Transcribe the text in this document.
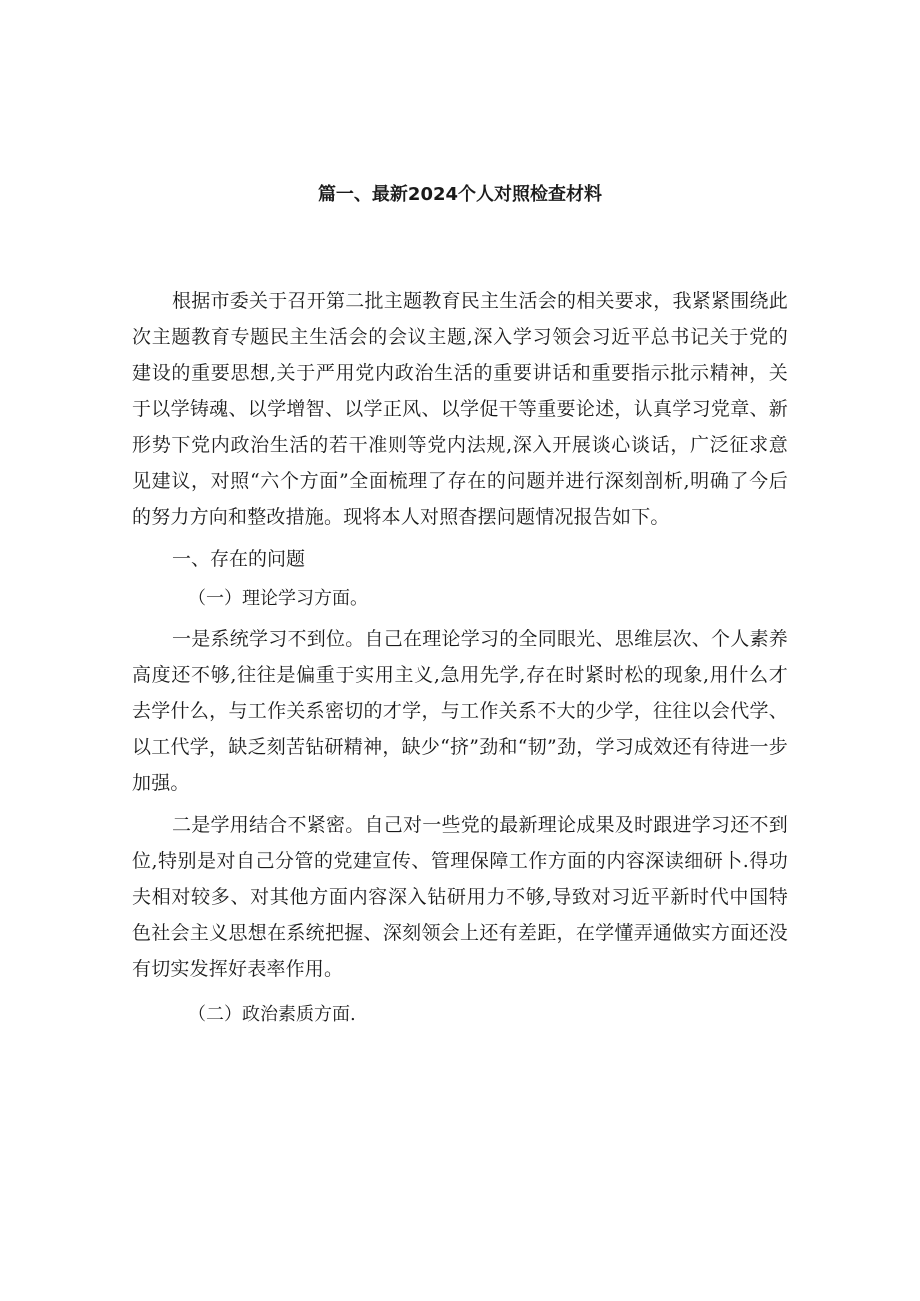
篇一、最新2024个人对照检查材料

根据市委关于召开第二批主题教育民主生活会的相关要求，我紧紧围绕此次主题教育专题民主生活会的会议主题,深入学习领会习近平总书记关于党的建设的重要思想,关于严用党内政治生活的重要讲话和重要指示批示精神，关于以学铸魂、以学增智、以学正风、以学促干等重要论述，认真学习党章、新形势下党内政治生活的若干准则等党内法规,深入开展谈心谈话，广泛征求意见建议，对照“六个方面”全面梳理了存在的问题并进行深刻剖析,明确了今后的努力方向和整改措施。现将本人对照杳摆问题情况报告如下。

一、存在的问题

（一）理论学习方面。

一是系统学习不到位。自己在理论学习的全同眼光、思维层次、个人素养高度还不够,往往是偏重于实用主义,急用先学,存在时紧时松的现象,用什么才去学什么，与工作关系密切的才学，与工作关系不大的少学，往往以会代学、以工代学，缺乏刻苦钻研精神，缺少“挤”劲和“韧”劲，学习成效还有待进一步加强。

二是学用结合不紧密。自己对一些党的最新理论成果及时跟进学习还不到位,特别是对自己分管的党建宣传、管理保障工作方面的内容深读细研卜.得功夫相对较多、对其他方面内容深入钻研用力不够,导致对习近平新时代中国特色社会主义思想在系统把握、深刻领会上还有差距，在学懂弄通做实方面还没有切实发挥好表率作用。

（二）政治素质方面.
